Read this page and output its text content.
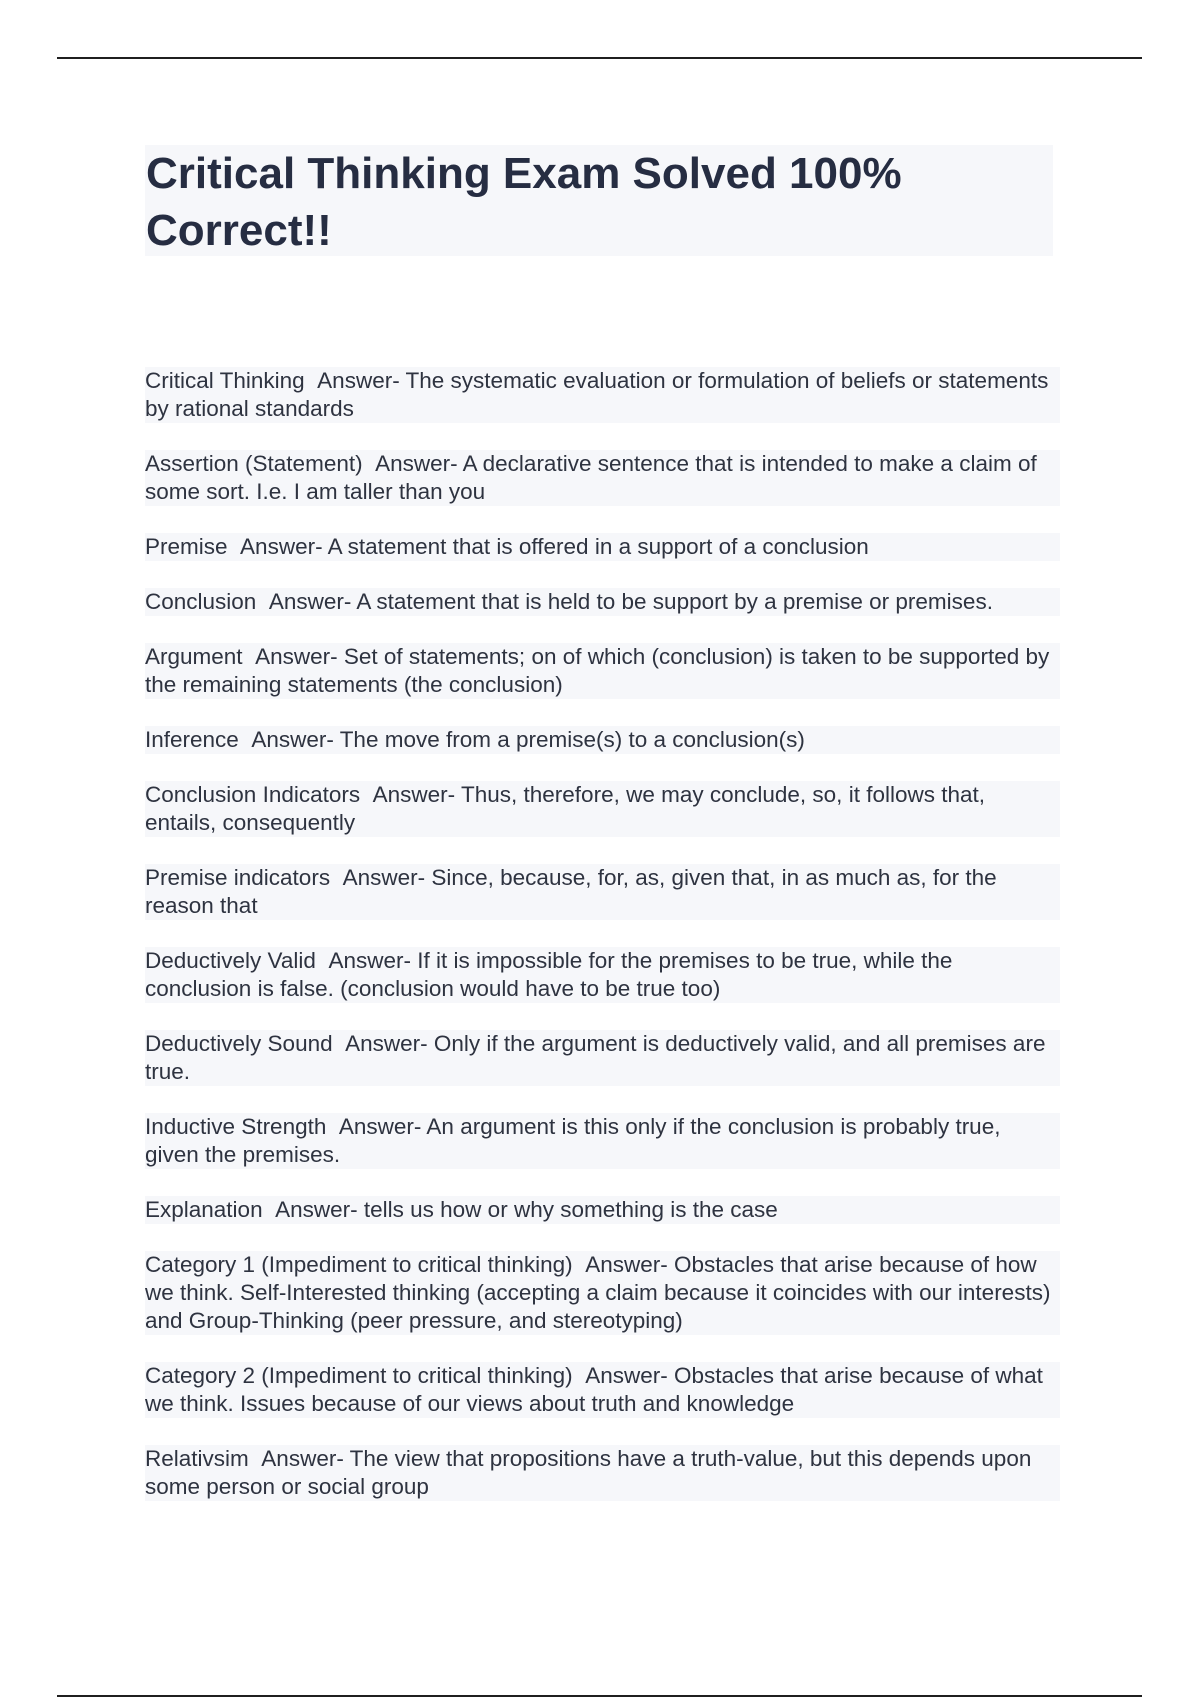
Critical Thinking Exam Solved 100% Correct!!
Critical Thinking Answer- The systematic evaluation or formulation of beliefs or statements by rational standards Assertion (Statement) Answer- A declarative sentence that is intended to make a claim of some sort. I.e. I am taller than you Premise Answer- A statement that is offered in a support of a conclusion Conclusion Answer- A statement that is held to be support by a premise or premises. Argument Answer- Set of statements; on of which (conclusion) is taken to be supported by the remaining statements (the conclusion) Inference Answer- The move from a premise(s) to a conclusion(s) Conclusion Indicators Answer- Thus, therefore, we may conclude, so, it follows that, entails, consequently Premise indicators Answer- Since, because, for, as, given that, in as much as, for the reason that Deductively Valid Answer- If it is impossible for the premises to be true, while the conclusion is false. (conclusion would have to be true too) Deductively Sound Answer- Only if the argument is deductively valid, and all premises are true. Inductive Strength Answer- An argument is this only if the conclusion is probably true, given the premises. Explanation Answer- tells us how or why something is the case Category 1 (Impediment to critical thinking) Answer- Obstacles that arise because of how we think. Self-Interested thinking (accepting a claim because it coincides with our interests) and Group-Thinking (peer pressure, and stereotyping) Category 2 (Impediment to critical thinking) Answer- Obstacles that arise because of what we think. Issues because of our views about truth and knowledge Relativsim Answer- The view that propositions have a truth-value, but this depends upon some person or social group
